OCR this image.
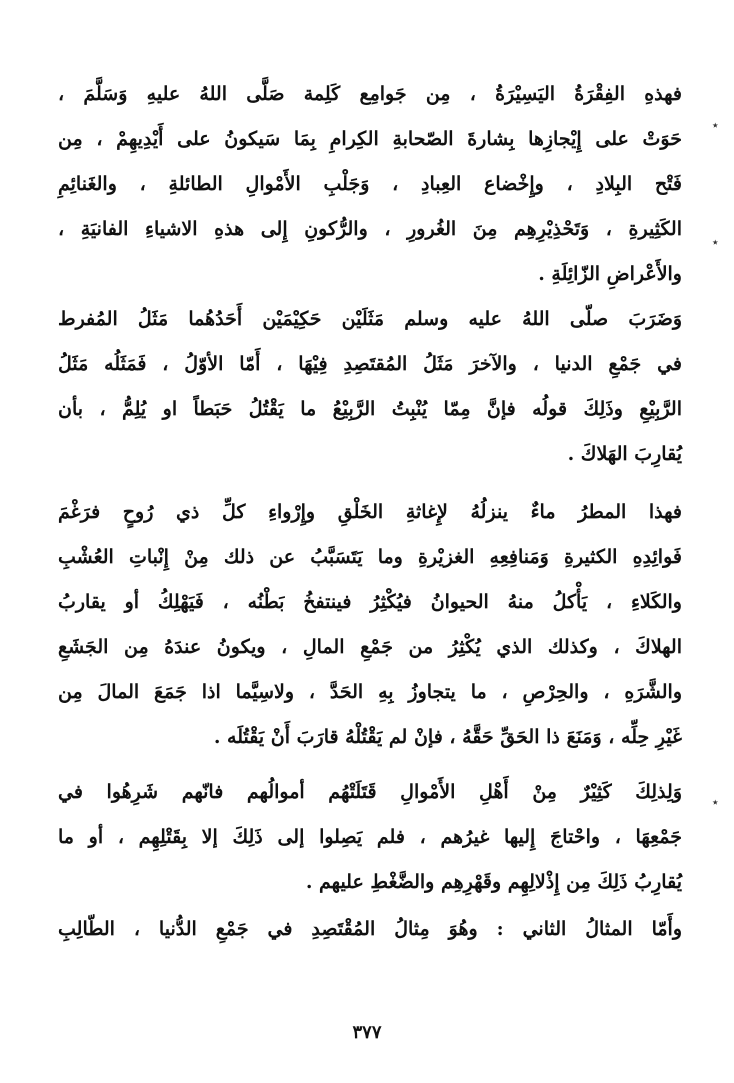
٭
٭
٭
فهذهِ الفِقْرَةُ اليَسِيْرَةُ ، مِن جَوامِع كَلِمة صَلَّى اللهُ عليهِ وَسَلَّمَ ،
حَوَتْ على إِيْجازِها بِشارةَ الصّحابةِ الكِرامِ بِمَا سَيكونُ على أَيْدِيهِمْ ، مِن
فَتْح البِلادِ ، وإِخْضاع العِبادِ ، وَجَلْبِ الأَمْوالِ الطائلةِ ، والغَنائِمِ
الكَثِيرةِ ، وَتَحْذِيْرِهِم مِنَ الغُرورِ ، والرُّكونِ إِلى هذهِ الاشياءِ الفانيَةِ ،
والأَعْراضِ الزّائِلَةِ .
وَضَرَبَ صلّى اللهُ عليه وسلم مَثَلَيْن حَكِيْمَيْن أَحَدُهُما مَثَلُ المُفرط
في جَمْعِ الدنيا ، والآخرَ مَثَلُ المُقتَصِدِ فِيْهَا ، أَمّا الأوّلُ ، فَمَثَلُه مَثَلُ
الرَّبِيْعِ وذَلِكَ قولُه فإنَّ مِمّا يُنْبِتُ الرَّبِيْعُ ما يَقْتُلُ حَبَطاً او يُلِمُّ ، بأن
يُقارِبَ الهَلاكَ .
فهذا المطرُ ماءٌ ينزلُهُ لإِغاثةِ الخَلْقِ وإِرْواءِ كلِّ ذي رُوحٍ فرَغْمَ
فَوائِدِهِ الكثيرةِ وَمَنافِعِهِ الغزيْرةِ وما يَتَسَبَّبُ عن ذلك مِنْ إِنْباتِ العُشْبِ
والكَلاءِ ، يَأْكلُ منهُ الحيوانُ فيُكْثِرُ فينتفخُ بَطْنُه ، فَيَهْلِكُ أو يقاربُ
الهلاكَ ، وكذلك الذي يُكْثِرُ من جَمْعِ المالِ ، ويكونُ عندَهُ مِن الجَشَعِ
والشَّرَهِ ، والحِرْصِ ، ما يتجاوزُ بِهِ الحَدَّ ، ولاسِيَّما اذا جَمَعَ المالَ مِن
غَيْرِ حِلِّه ، وَمَنَعَ ذا الحَقِّ حَقَّهُ ، فإنْ لم يَقْتُلْهُ قارَبَ أَنْ يَقْتُلَه .
وَلِذلِكَ كَثِيْرٌ مِنْ أَهْلِ الأَمْوالِ قَتَلَتْهُم أموالُهم فانّهم شَرِهُوا في
جَمْعِهَا ، واحْتاجَ إِليها غيرُهم ، فلم يَصِلوا إلى ذَلِكَ إلا بِقَتْلِهِم ، أو ما
يُقارِبُ ذَلِكَ مِن إِذْلالِهِم وقَهْرِهِم والضَّغْطِ عليهم .
وأَمّا المثالُ الثاني : وهُوَ مِثالُ المُقْتَصِدِ في جَمْعِ الدُّنيا ، الطّالِبِ
٣٧٧
